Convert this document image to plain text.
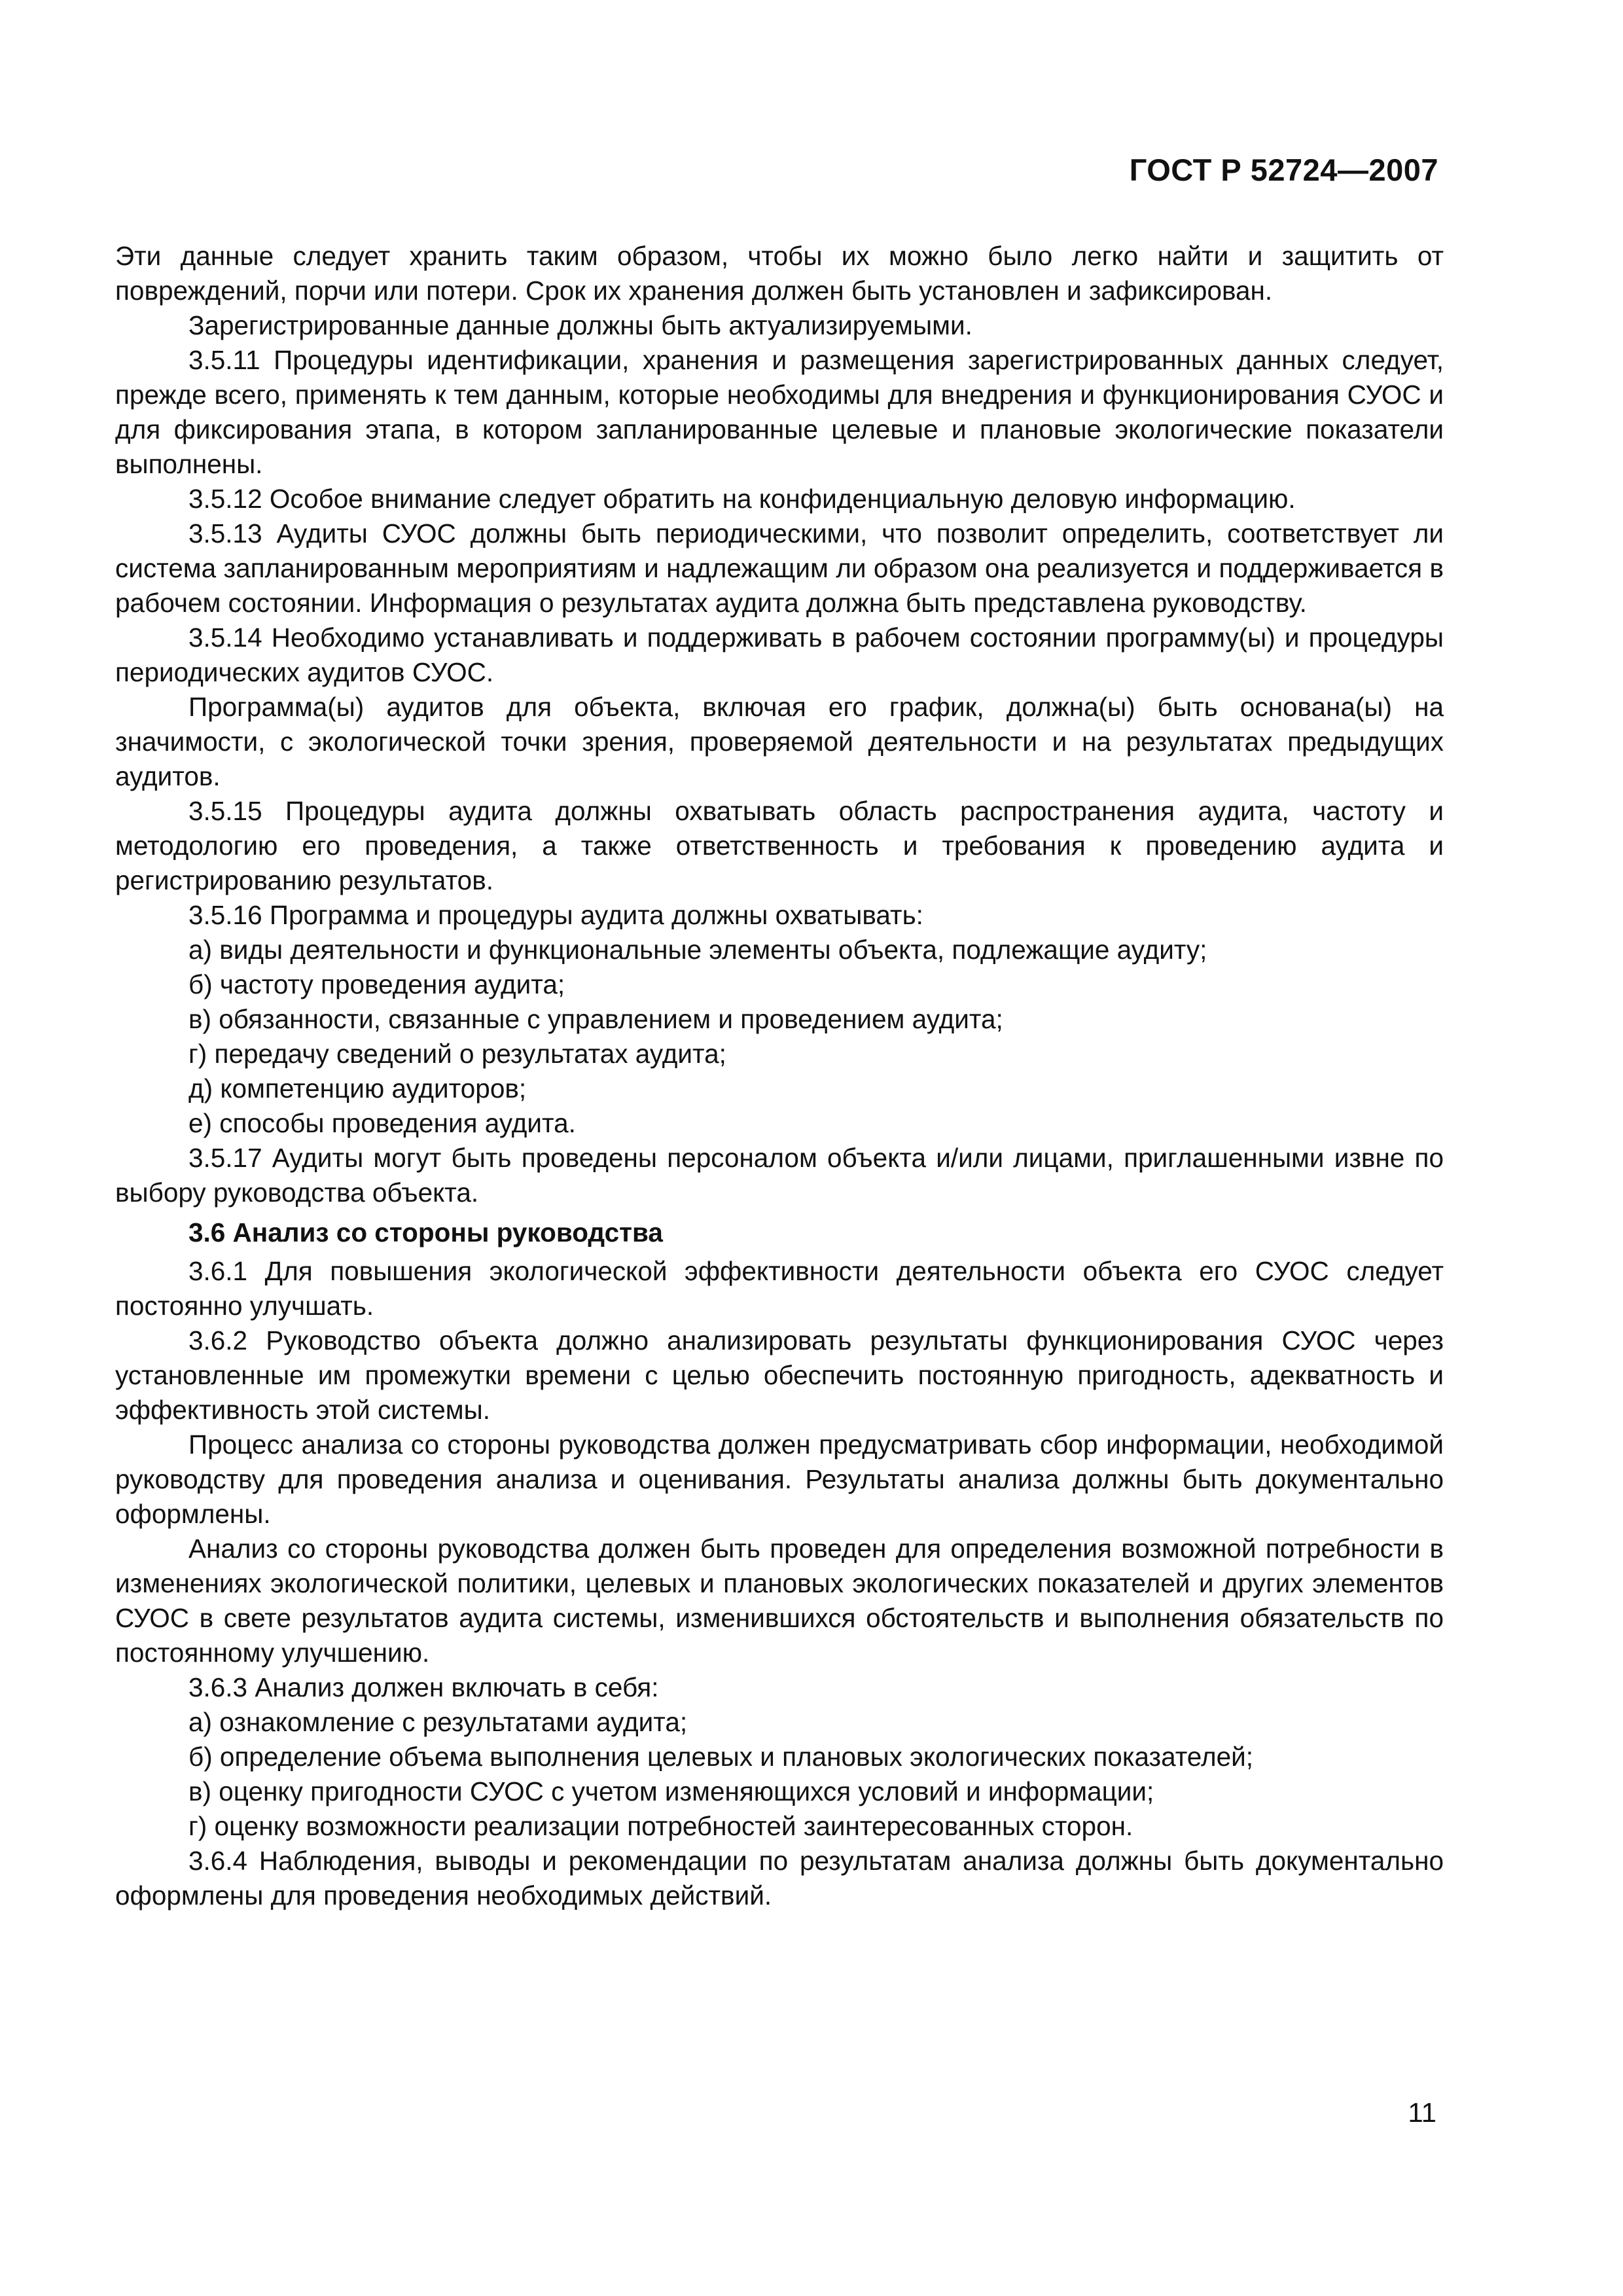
ГОСТ Р 52724—2007

Эти данные следует хранить таким образом, чтобы их можно было легко найти и защитить от повреждений, порчи или потери. Срок их хранения должен быть установлен и зафиксирован.

Зарегистрированные данные должны быть актуализируемыми.

3.5.11 Процедуры идентификации, хранения и размещения зарегистрированных данных следует, прежде всего, применять к тем данным, которые необходимы для внедрения и функционирования СУОС и для фиксирования этапа, в котором запланированные целевые и плановые экологические показатели выполнены.

3.5.12 Особое внимание следует обратить на конфиденциальную деловую информацию.

3.5.13 Аудиты СУОС должны быть периодическими, что позволит определить, соответствует ли система запланированным мероприятиям и надлежащим ли образом она реализуется и поддерживается в рабочем состоянии. Информация о результатах аудита должна быть представлена руководству.

3.5.14 Необходимо устанавливать и поддерживать в рабочем состоянии программу(ы) и процедуры периодических аудитов СУОС.

Программа(ы) аудитов для объекта, включая его график, должна(ы) быть основана(ы) на значимости, с экологической точки зрения, проверяемой деятельности и на результатах предыдущих аудитов.

3.5.15 Процедуры аудита должны охватывать область распространения аудита, частоту и методологию его проведения, а также ответственность и требования к проведению аудита и регистрированию результатов.

3.5.16 Программа и процедуры аудита должны охватывать:

а) виды деятельности и функциональные элементы объекта, подлежащие аудиту;

б) частоту проведения аудита;

в) обязанности, связанные с управлением и проведением аудита;

г) передачу сведений о результатах аудита;

д) компетенцию аудиторов;

е) способы проведения аудита.

3.5.17 Аудиты могут быть проведены персоналом объекта и/или лицами, приглашенными извне по выбору руководства объекта.

3.6 Анализ со стороны руководства

3.6.1 Для повышения экологической эффективности деятельности объекта его СУОС следует постоянно улучшать.

3.6.2 Руководство объекта должно анализировать результаты функционирования СУОС через установленные им промежутки времени с целью обеспечить постоянную пригодность, адекватность и эффективность этой системы.

Процесс анализа со стороны руководства должен предусматривать сбор информации, необходимой руководству для проведения анализа и оценивания. Результаты анализа должны быть документально оформлены.

Анализ со стороны руководства должен быть проведен для определения возможной потребности в изменениях экологической политики, целевых и плановых экологических показателей и других элементов СУОС в свете результатов аудита системы, изменившихся обстоятельств и выполнения обязательств по постоянному улучшению.

3.6.3 Анализ должен включать в себя:

а) ознакомление с результатами аудита;

б) определение объема выполнения целевых и плановых экологических показателей;

в) оценку пригодности СУОС с учетом изменяющихся условий и информации;

г) оценку возможности реализации потребностей заинтересованных сторон.

3.6.4 Наблюдения, выводы и рекомендации по результатам анализа должны быть документально оформлены для проведения необходимых действий.

11
